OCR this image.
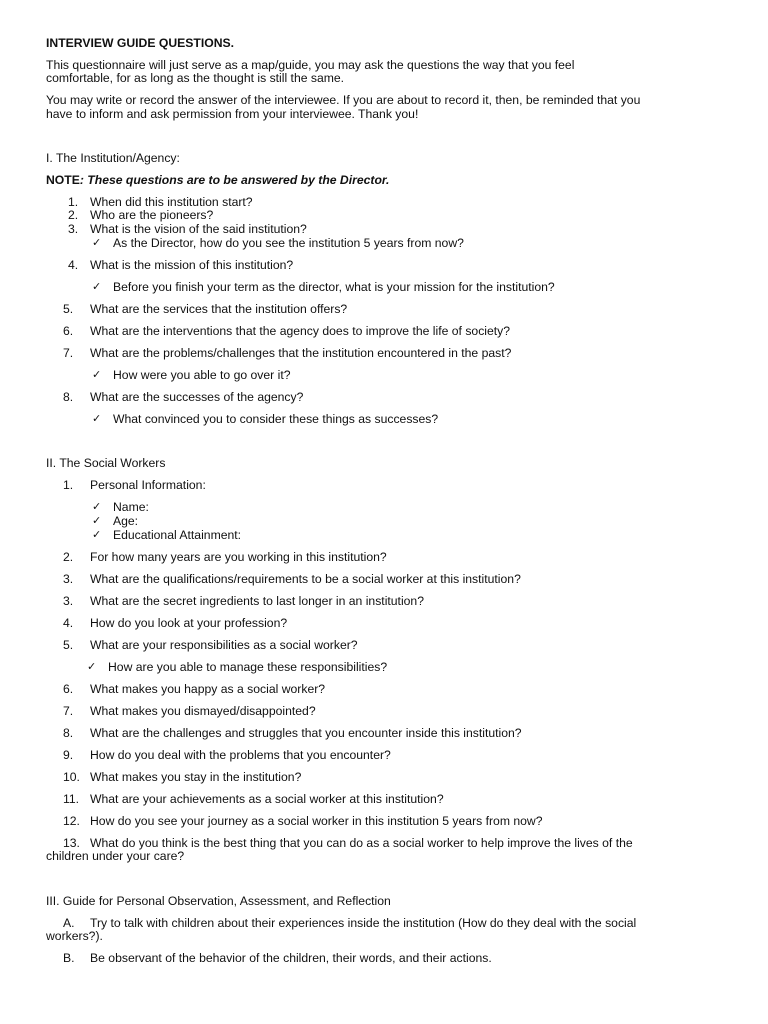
INTERVIEW GUIDE QUESTIONS.
This questionnaire will just serve as a map/guide, you may ask the questions the way that you feel
comfortable, for as long as the thought is still the same.
You may write or record the answer of the interviewee. If you are about to record it, then, be reminded that you
have to inform and ask permission from your interviewee. Thank you!
I. The Institution/Agency:
NOTE: These questions are to be answered by the Director.
1. When did this institution start?
2. Who are the pioneers?
3. What is the vision of the said institution?
✓ As the Director, how do you see the institution 5 years from now?
4. What is the mission of this institution?
✓ Before you finish your term as the director, what is your mission for the institution?
5. What are the services that the institution offers?
6. What are the interventions that the agency does to improve the life of society?
7. What are the problems/challenges that the institution encountered in the past?
✓ How were you able to go over it?
8. What are the successes of the agency?
✓ What convinced you to consider these things as successes?
II. The Social Workers
1. Personal Information:
✓ Name:
✓ Age:
✓ Educational Attainment:
2. For how many years are you working in this institution?
3. What are the qualifications/requirements to be a social worker at this institution?
3. What are the secret ingredients to last longer in an institution?
4. How do you look at your profession?
5. What are your responsibilities as a social worker?
✓ How are you able to manage these responsibilities?
6. What makes you happy as a social worker?
7. What makes you dismayed/disappointed?
8. What are the challenges and struggles that you encounter inside this institution?
9. How do you deal with the problems that you encounter?
10. What makes you stay in the institution?
11. What are your achievements as a social worker at this institution?
12. How do you see your journey as a social worker in this institution 5 years from now?
13. What do you think is the best thing that you can do as a social worker to help improve the lives of the
children under your care?
III. Guide for Personal Observation, Assessment, and Reflection
A. Try to talk with children about their experiences inside the institution (How do they deal with the social
workers?).
B. Be observant of the behavior of the children, their words, and their actions.
